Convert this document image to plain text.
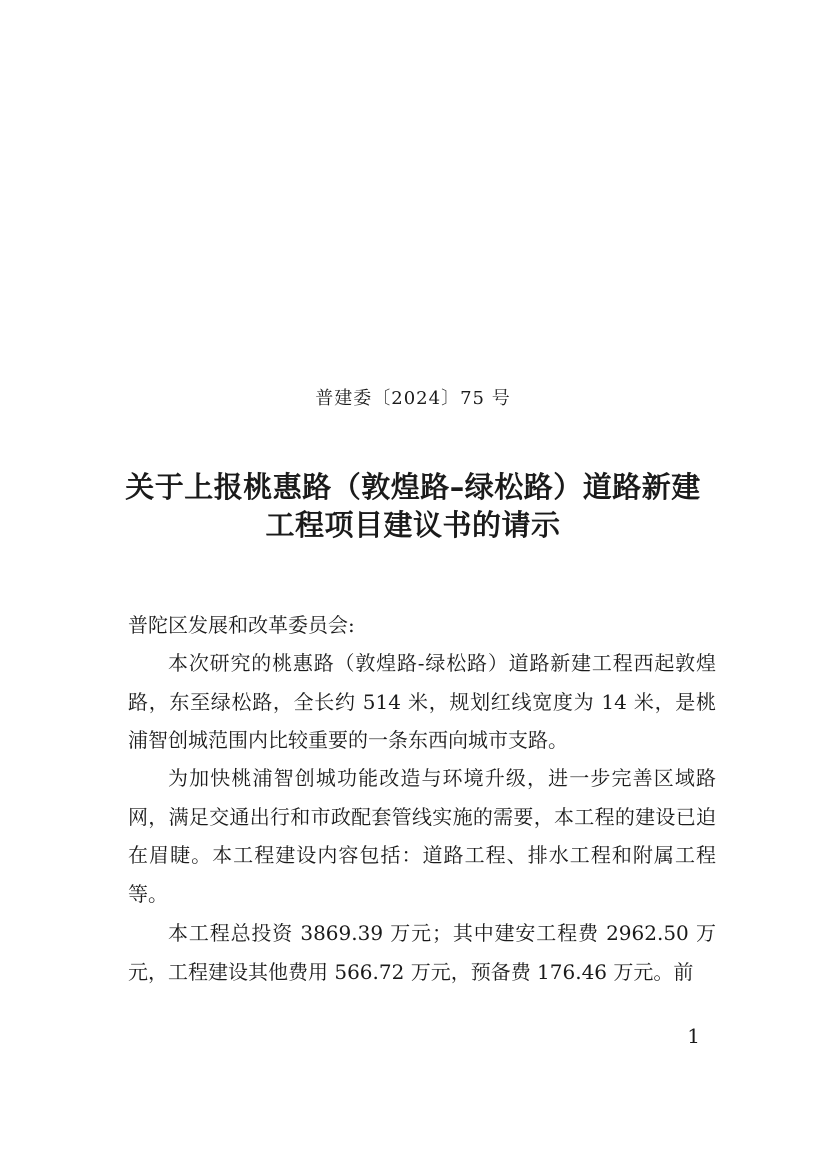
普建委〔2024〕75 号
关于上报桃惠路（敦煌路–绿松路）道路新建
工程项目建议书的请示
普陀区发展和改革委员会:

本次研究的桃惠路（敦煌路-绿松路）道路新建工程西起敦煌路，东至绿松路，全长约 514 米，规划红线宽度为 14 米，是桃浦智创城范围内比较重要的一条东西向城市支路。

为加快桃浦智创城功能改造与环境升级，进一步完善区域路网，满足交通出行和市政配套管线实施的需要，本工程的建设已迫在眉睫。本工程建设内容包括：道路工程、排水工程和附属工程等。

本工程总投资 3869.39 万元；其中建安工程费 2962.50 万元，工程建设其他费用 566.72 万元，预备费 176.46 万元。前

1
